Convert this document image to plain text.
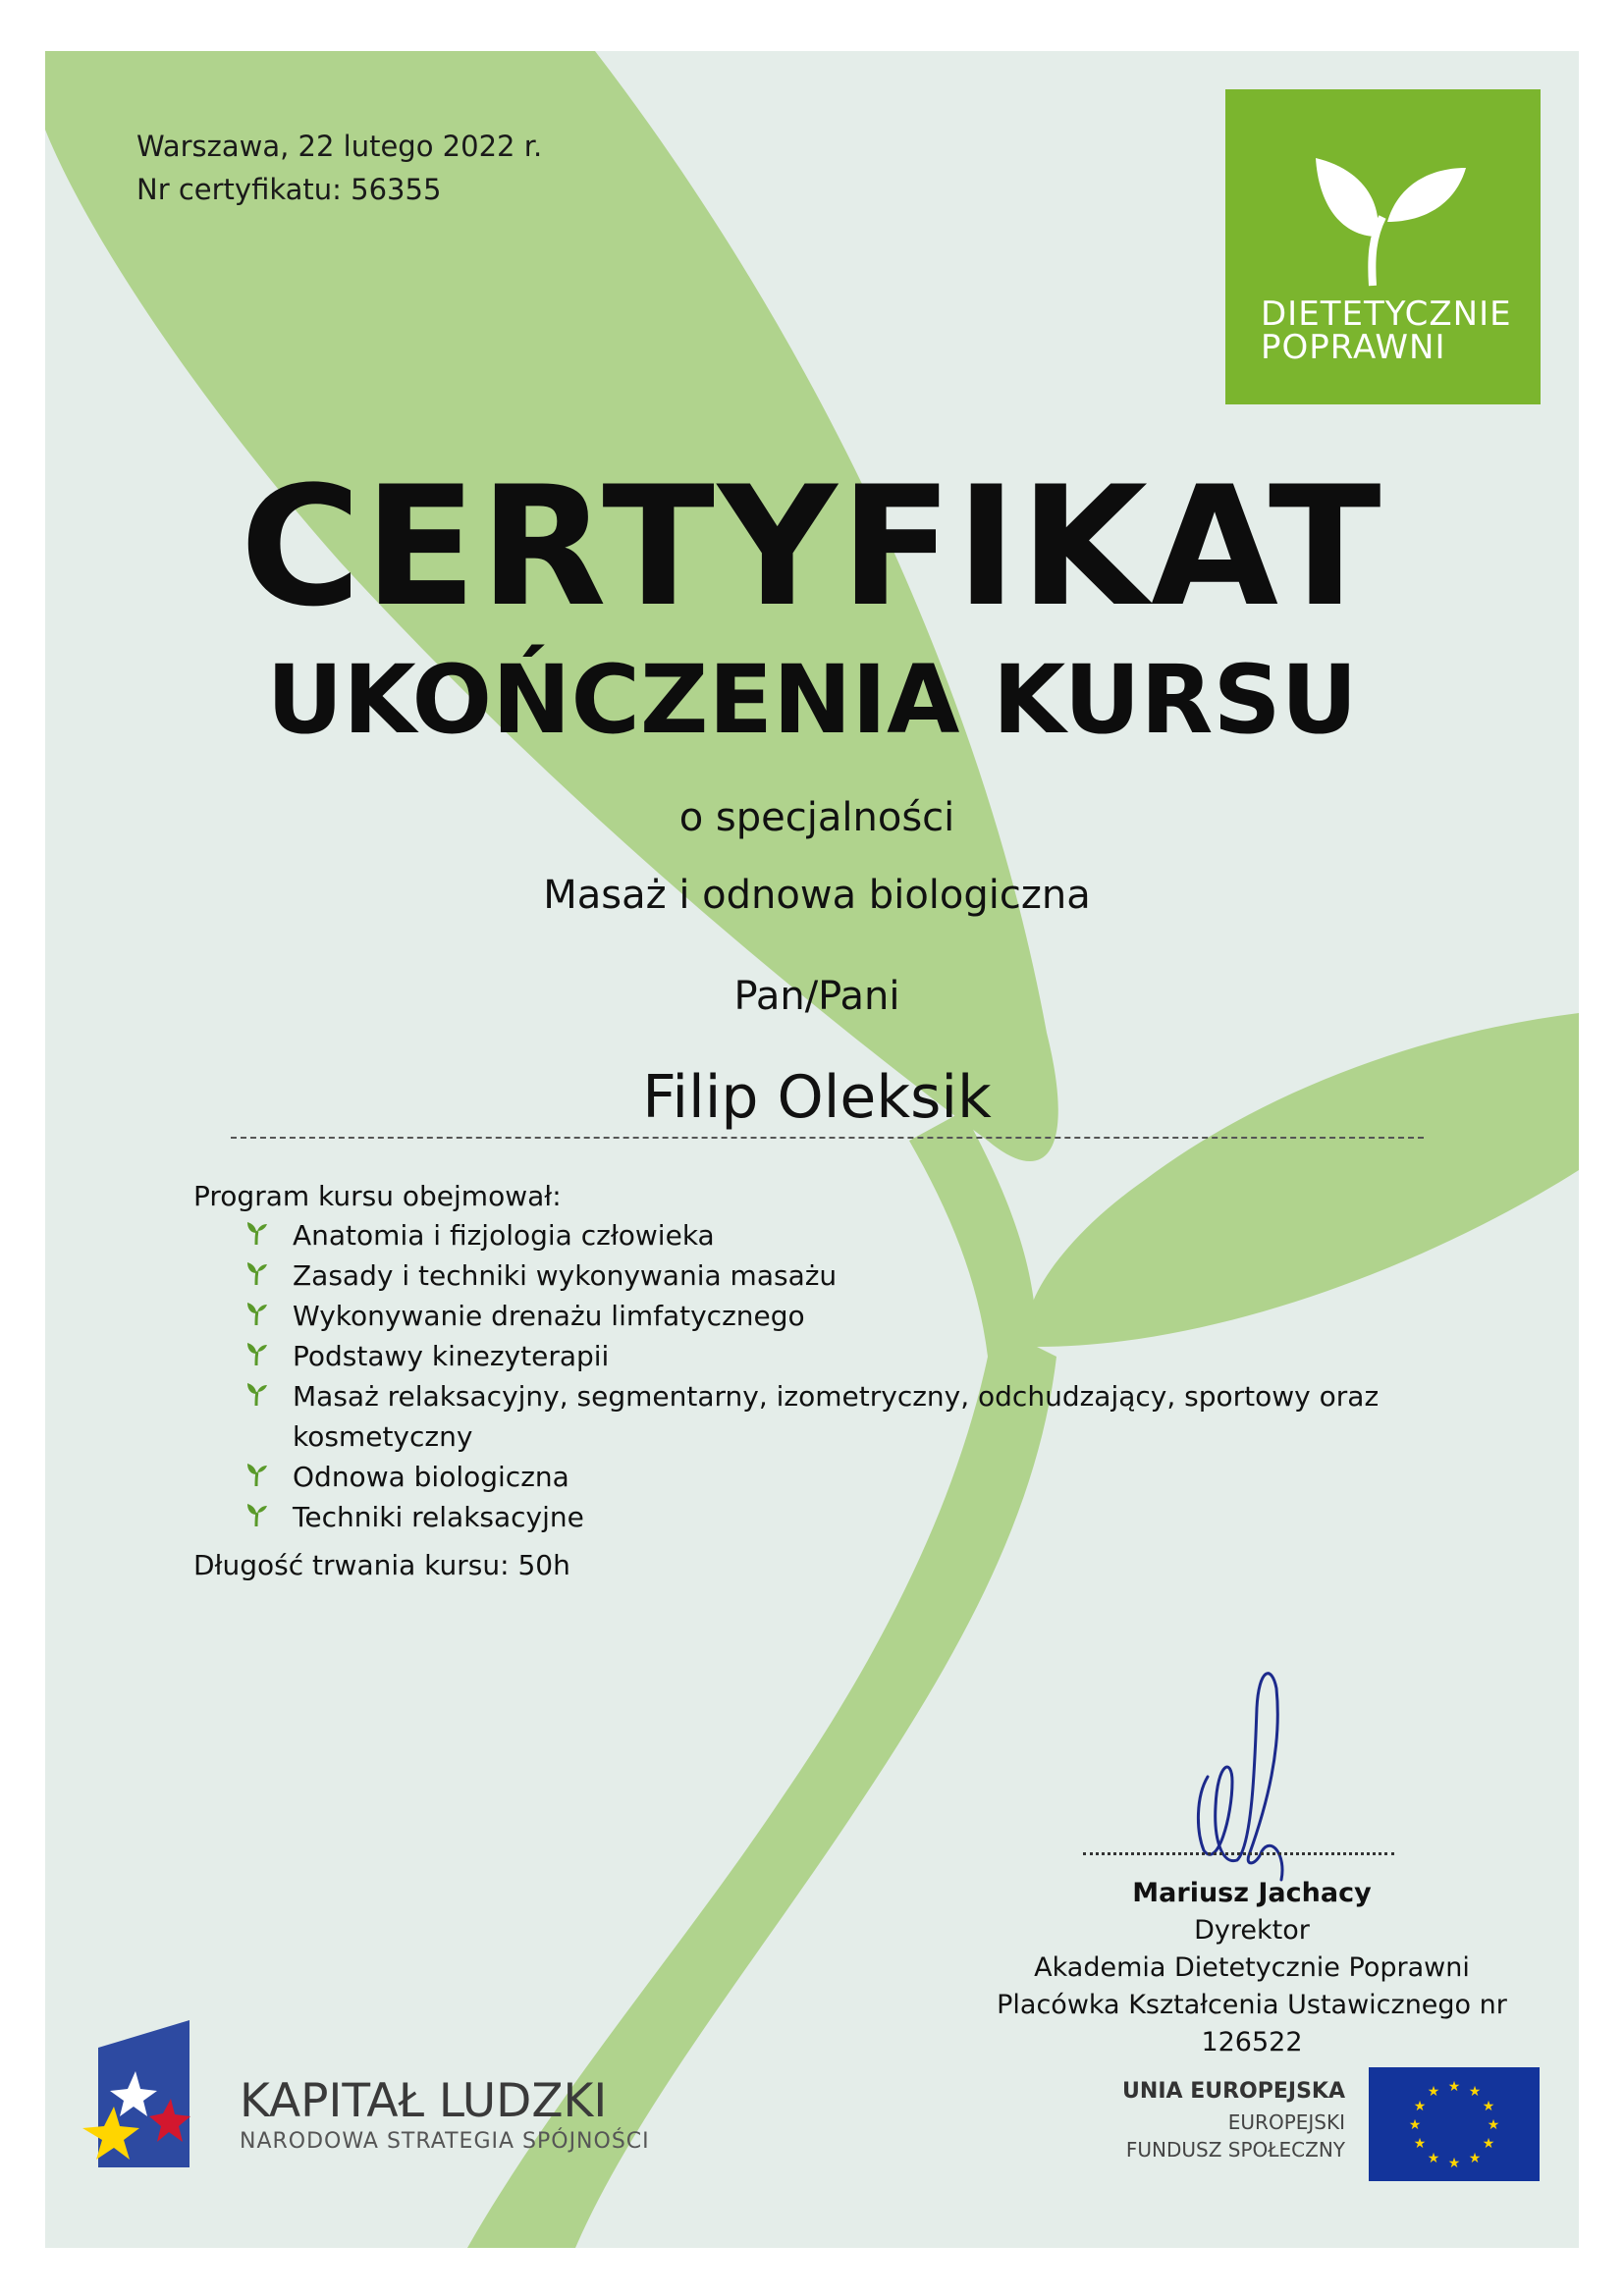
Warszawa, 22 lutego 2022 r.
Nr certyfikatu: 56355
DIETETYCZNIE
POPRAWNI
CERTYFIKAT
UKOŃCZENIA KURSU
o specjalności
Masaż i odnowa biologiczna
Pan/Pani
Filip Oleksik
Program kursu obejmował:
Anatomia i fizjologia człowieka
Zasady i techniki wykonywania masażu
Wykonywanie drenażu limfatycznego
Podstawy kinezyterapii
Masaż relaksacyjny, segmentarny, izometryczny, odchudzający, sportowy oraz kosmetyczny
Odnowa biologiczna
Techniki relaksacyjne
Długość trwania kursu: 50h
Mariusz Jachacy
Dyrektor
Akademia Dietetycznie Poprawni
Placówka Kształcenia Ustawicznego nr 126522
KAPITAŁ LUDZKI
NARODOWA STRATEGIA SPÓJNOŚCI
UNIA EUROPEJSKA
EUROPEJSKI
FUNDUSZ SPOŁECZNY
★ ★
★
★
★
★
★
★
★
★
★
★
